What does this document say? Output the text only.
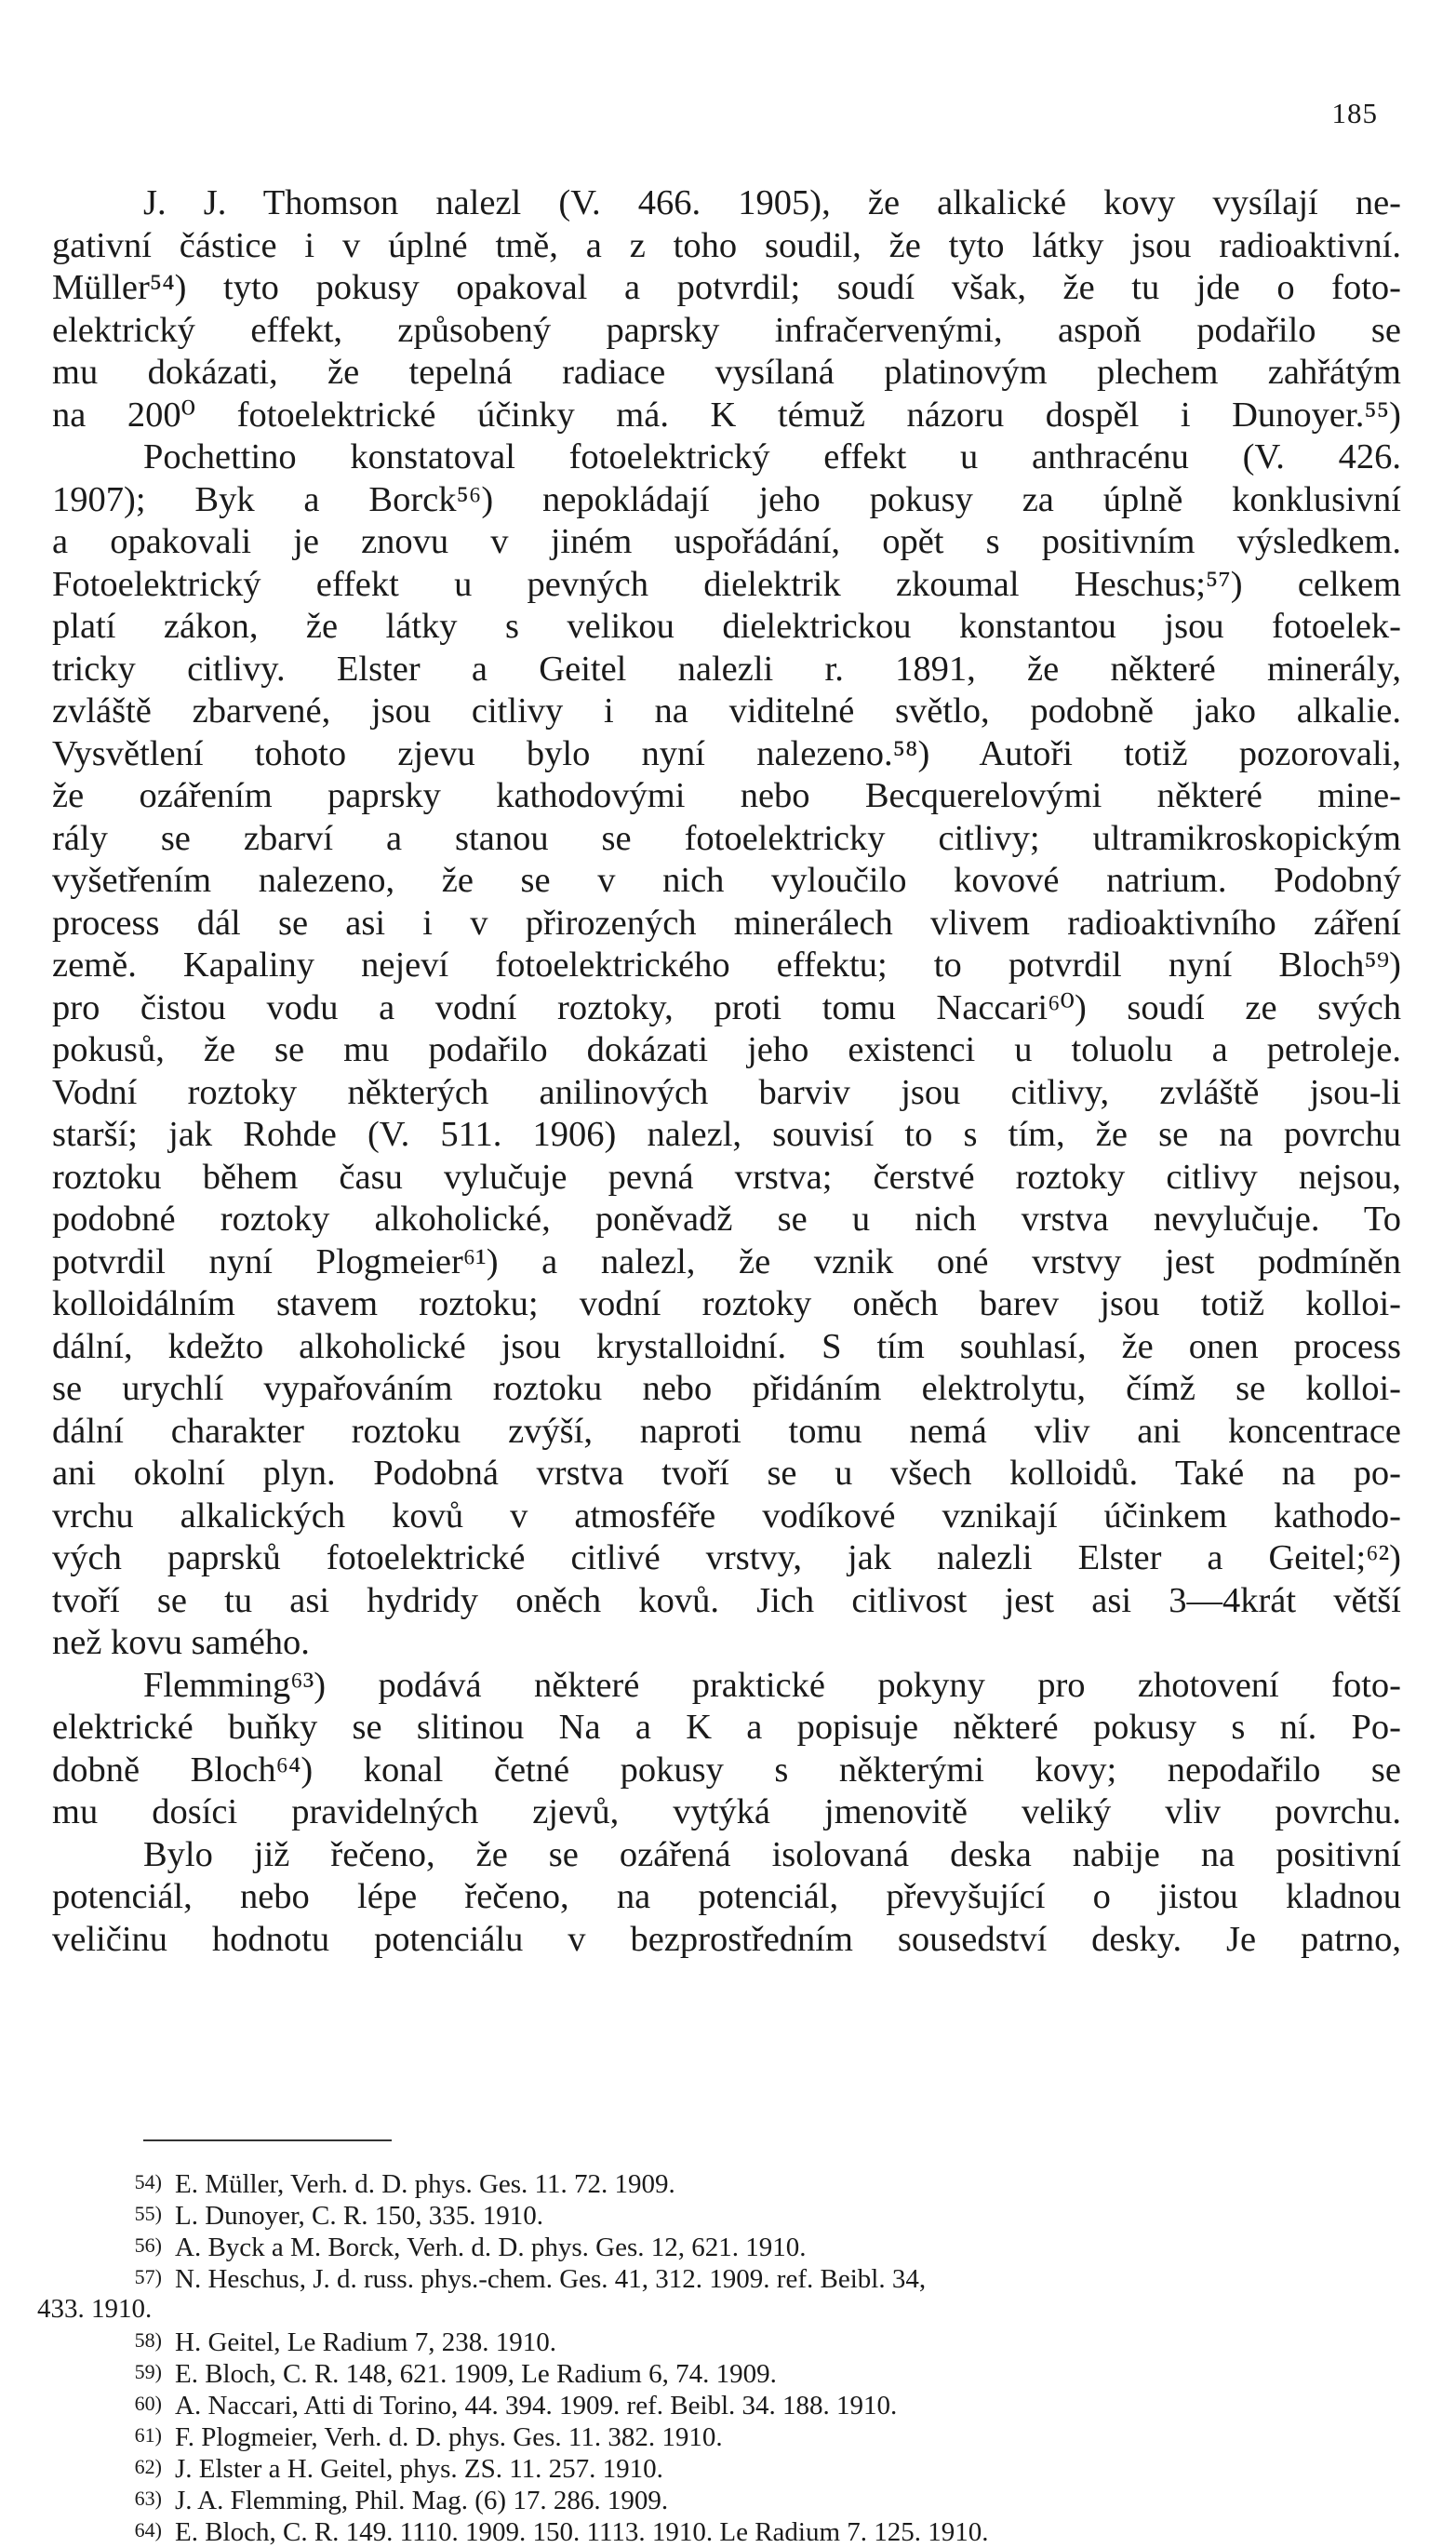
185
J. J. Thomson nalezl (V. 466. 1905), že alkalické kovy vysílají ne-
gativní částice i v úplné tmě, a z toho soudil, že tyto látky jsou radioaktivní.
Müller⁵⁴) tyto pokusy opakoval a potvrdil; soudí však, že tu jde o foto-
elektrický effekt, způsobený paprsky infračervenými, aspoň podařilo se
mu dokázati, že tepelná radiace vysílaná platinovým plechem zahřátým
na 200⁰ fotoelektrické účinky má. K témuž názoru dospěl i Dunoyer.⁵⁵)
Pochettino konstatoval fotoelektrický effekt u anthracénu (V. 426.
1907); Byk a Borck⁵⁶) nepokládají jeho pokusy za úplně konklusivní
a opakovali je znovu v jiném uspořádání, opět s positivním výsledkem.
Fotoelektrický effekt u pevných dielektrik zkoumal Heschus;⁵⁷) celkem
platí zákon, že látky s velikou dielektrickou konstantou jsou fotoelek-
tricky citlivy. Elster a Geitel nalezli r. 1891, že některé minerály,
zvláště zbarvené, jsou citlivy i na viditelné světlo, podobně jako alkalie.
Vysvětlení tohoto zjevu bylo nyní nalezeno.⁵⁸) Autoři totiž pozorovali,
že ozářením paprsky kathodovými nebo Becquerelovými některé mine-
rály se zbarví a stanou se fotoelektricky citlivy; ultramikroskopickým
vyšetřením nalezeno, že se v nich vyloučilo kovové natrium. Podobný
process dál se asi i v přirozených minerálech vlivem radioaktivního záření
země. Kapaliny nejeví fotoelektrického effektu; to potvrdil nyní Bloch⁵⁹)
pro čistou vodu a vodní roztoky, proti tomu Naccari⁶⁰) soudí ze svých
pokusů, že se mu podařilo dokázati jeho existenci u toluolu a petroleje.
Vodní roztoky některých anilinových barviv jsou citlivy, zvláště jsou-li
starší; jak Rohde (V. 511. 1906) nalezl, souvisí to s tím, že se na povrchu
roztoku během času vylučuje pevná vrstva; čerstvé roztoky citlivy nejsou,
podobné roztoky alkoholické, poněvadž se u nich vrstva nevylučuje. To
potvrdil nyní Plogmeier⁶¹) a nalezl, že vznik oné vrstvy jest podmíněn
kolloidálním stavem roztoku; vodní roztoky oněch barev jsou totiž kolloi-
dální, kdežto alkoholické jsou krystalloidní. S tím souhlasí, že onen process
se urychlí vypařováním roztoku nebo přidáním elektrolytu, čímž se kolloi-
dální charakter roztoku zvýší, naproti tomu nemá vliv ani koncentrace
ani okolní plyn. Podobná vrstva tvoří se u všech kolloidů. Také na po-
vrchu alkalických kovů v atmosféře vodíkové vznikají účinkem kathodo-
vých paprsků fotoelektrické citlivé vrstvy, jak nalezli Elster a Geitel;⁶²)
tvoří se tu asi hydridy oněch kovů. Jich citlivost jest asi 3—4krát větší
než kovu samého.
Flemming⁶³) podává některé praktické pokyny pro zhotovení foto-
elektrické buňky se slitinou Na a K a popisuje některé pokusy s ní. Po-
dobně Bloch⁶⁴) konal četné pokusy s některými kovy; nepodařilo se
mu dosíci pravidelných zjevů, vytýká jmenovitě veliký vliv povrchu.
Bylo již řečeno, že se ozářená isolovaná deska nabije na positivní
potenciál, nebo lépe řečeno, na potenciál, převyšující o jistou kladnou
veličinu hodnotu potenciálu v bezprostředním sousedství desky. Je patrno,
54) E. Müller, Verh. d. D. phys. Ges. 11. 72. 1909.
55) L. Dunoyer, C. R. 150, 335. 1910.
56) A. Byck a M. Borck, Verh. d. D. phys. Ges. 12, 621. 1910.
57) N. Heschus, J. d. russ. phys.-chem. Ges. 41, 312. 1909. ref. Beibl. 34,
433. 1910.
58) H. Geitel, Le Radium 7, 238. 1910.
59) E. Bloch, C. R. 148, 621. 1909, Le Radium 6, 74. 1909.
60) A. Naccari, Atti di Torino, 44. 394. 1909. ref. Beibl. 34. 188. 1910.
61) F. Plogmeier, Verh. d. D. phys. Ges. 11. 382. 1910.
62) J. Elster a H. Geitel, phys. ZS. 11. 257. 1910.
63) J. A. Flemming, Phil. Mag. (6) 17. 286. 1909.
64) E. Bloch, C. R. 149. 1110. 1909. 150. 1113. 1910. Le Radium 7. 125. 1910.
